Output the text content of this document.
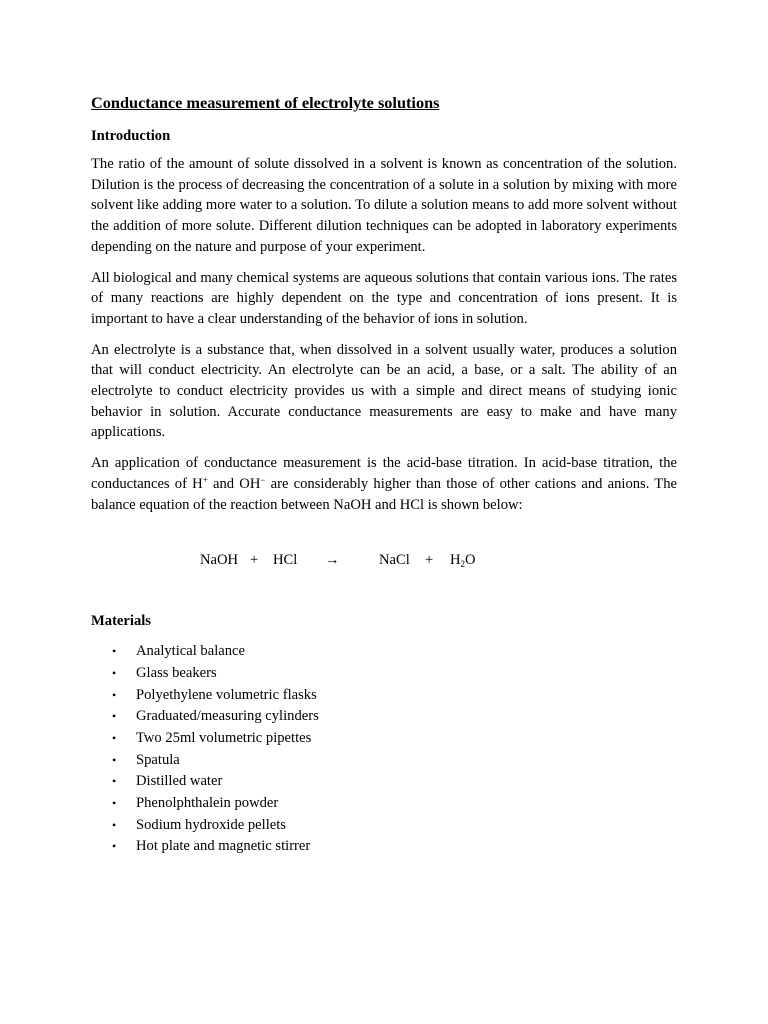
Conductance measurement of electrolyte solutions
Introduction

The ratio of the amount of solute dissolved in a solvent is known as concentration of the solution. Dilution is the process of decreasing the concentration of a solute in a solution by mixing with more solvent like adding more water to a solution. To dilute a solution means to add more solvent without the addition of more solute. Different dilution techniques can be adopted in laboratory experiments depending on the nature and purpose of your experiment.

All biological and many chemical systems are aqueous solutions that contain various ions. The rates of many reactions are highly dependent on the type and concentration of ions present. It is important to have a clear understanding of the behavior of ions in solution.

An electrolyte is a substance that, when dissolved in a solvent usually water, produces a solution that will conduct electricity. An electrolyte can be an acid, a base, or a salt. The ability of an electrolyte to conduct electricity provides us with a simple and direct means of studying ionic behavior in solution. Accurate conductance measurements are easy to make and have many applications.

An application of conductance measurement is the acid-base titration. In acid-base titration, the conductances of H+ and OH− are considerably higher than those of other cations and anions. The balance equation of the reaction between NaOH and HCl is shown below:

NaOH + HCl →	NaCl + $H_2O$
Materials
• Analytical balance
• Glass beakers
• Polyethylene volumetric flasks
• Graduated/measuring cylinders
• Two 25ml volumetric pipettes
• Spatula
• Distilled water
• Phenolphthalein powder
• Sodium hydroxide pellets
• Hot plate and magnetic stirrer
